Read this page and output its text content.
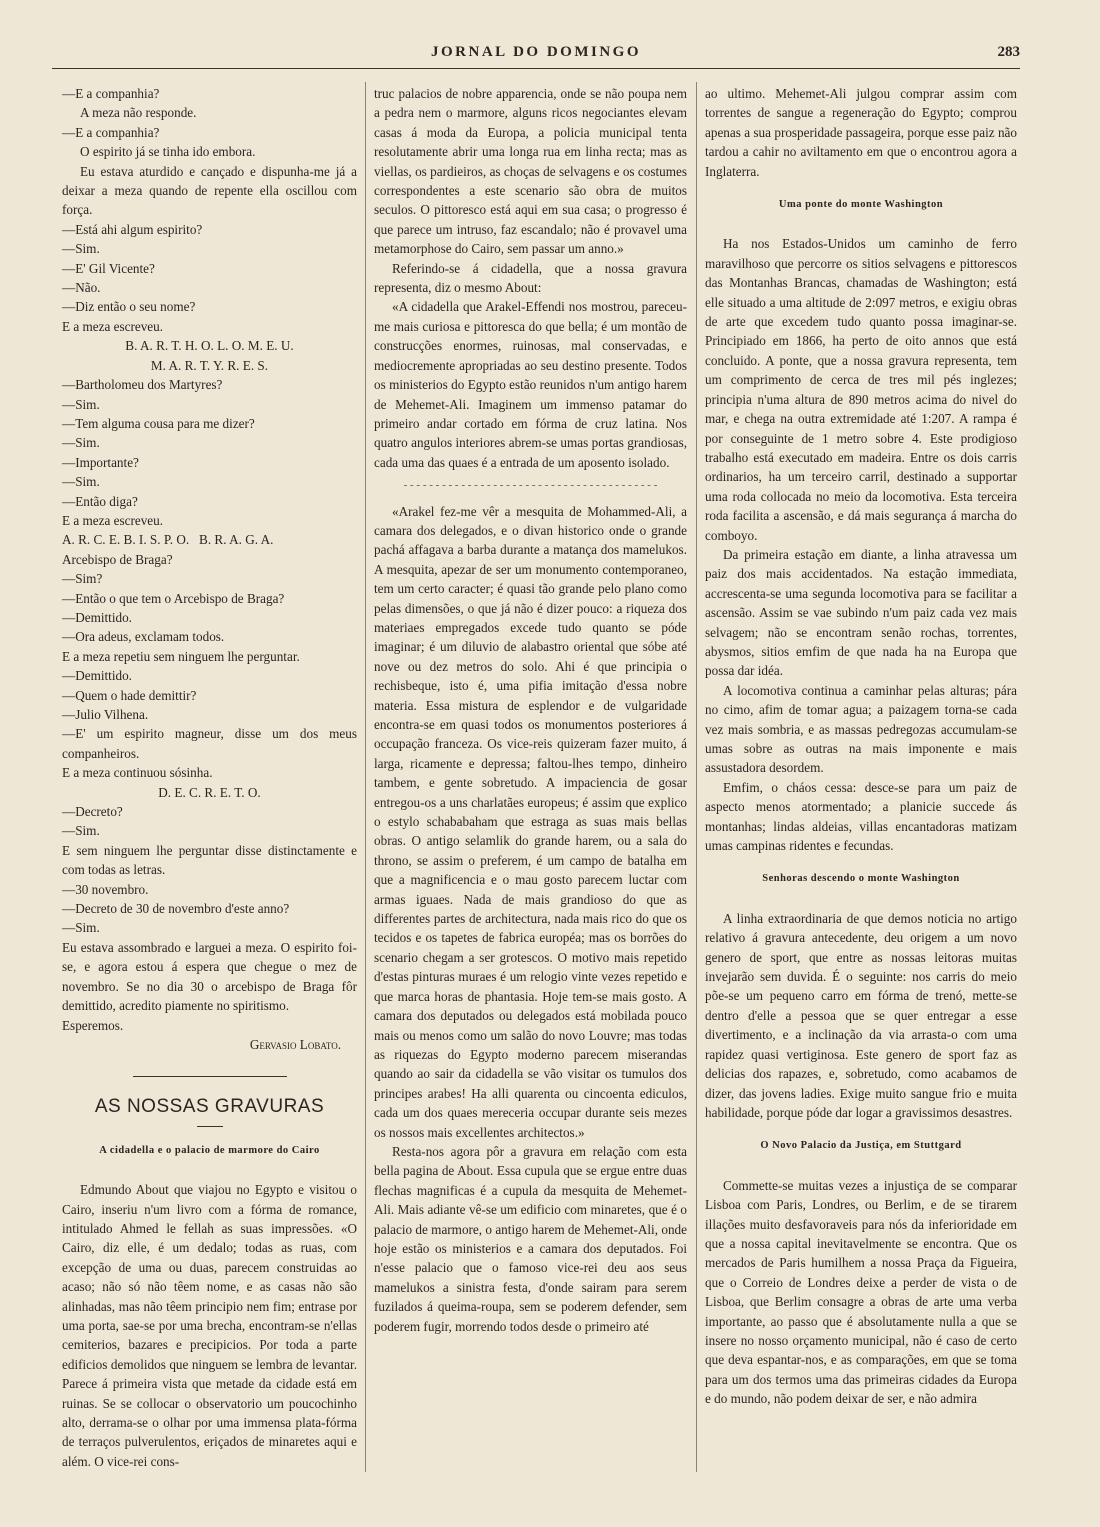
JORNAL DO DOMINGO	283

—E a companhia?

A meza não responde.

—E a companhia?

O espirito já se tinha ido embora.

Eu estava aturdido e cançado e dispunha-me já a deixar a meza quando de repente ella oscillou com força.

—Está ahi algum espirito?

—Sim.

—E' Gil Vicente?

—Não.

—Diz então o seu nome?

E a meza escreveu.

B. A. R. T. H. O. L. O. M. E. U.

M. A. R. T. Y. R. E. S.

—Bartholomeu dos Martyres?

—Sim.

—Tem alguma cousa para me dizer?

—Sim.

—Importante?

—Sim.

—Então diga?

E a meza escreveu.

A. R. C. E. B. I. S. P. O.   B. R. A. G. A.

Arcebispo de Braga?

—Sim?

—Então o que tem o Arcebispo de Braga?

—Demittido.

—Ora adeus, exclamam todos.

E a meza repetiu sem ninguem lhe perguntar.

—Demittido.

—Quem o hade demittir?

—Julio Vilhena.

—E' um espirito magneur, disse um dos meus companheiros.

E a meza continuou sósinha.

D. E. C. R. E. T. O.

—Decreto?

—Sim.

E sem ninguem lhe perguntar disse distinctamente e com todas as letras.

—30 novembro.

—Decreto de 30 de novembro d'este anno?

—Sim.

Eu estava assombrado e larguei a meza. O espirito foi-se, e agora estou á espera que chegue o mez de novembro. Se no dia 30 o arcebispo de Braga fôr demittido, acredito piamente no spiritismo.

Esperemos.

Gervasio Lobato.

AS NOSSAS GRAVURAS
A cidadella e o palacio de marmore do Cairo

Edmundo About que viajou no Egypto e visitou o Cairo, inseriu n'um livro com a fórma de romance, intitulado Ahmed le fellah as suas impressões. «O Cairo, diz elle, é um dedalo; todas as ruas, com excepção de uma ou duas, parecem construidas ao acaso; não só não têem nome, e as casas não são alinhadas, mas não têem principio nem fim; entrase por uma porta, sae-se por uma brecha, encontram-se n'ellas cemiterios, bazares e precipicios. Por toda a parte edificios demolidos que ninguem se lembra de levantar. Parece á primeira vista que metade da cidade está em ruinas. Se se collocar o observatorio um poucochinho alto, derrama-se o olhar por uma immensa plata-fórma de terraços pulverulentos, eriçados de minaretes aqui e além. O vice-rei cons-

truc palacios de nobre apparencia, onde se não poupa nem a pedra nem o marmore, alguns ricos negociantes elevam casas á moda da Europa, a policia municipal tenta resolutamente abrir uma longa rua em linha recta; mas as viellas, os pardieiros, as choças de selvagens e os costumes correspondentes a este scenario são obra de muitos seculos. O pittoresco está aqui em sua casa; o progresso é que parece um intruso, faz escandalo; não é provavel uma metamorphose do Cairo, sem passar um anno.»

Referindo-se á cidadella, que a nossa gravura representa, diz o mesmo About:

«A cidadella que Arakel-Effendi nos mostrou, pareceu-me mais curiosa e pittoresca do que bella; é um montão de construcções enormes, ruinosas, mal conservadas, e mediocremente apropriadas ao seu destino presente. Todos os ministerios do Egypto estão reunidos n'um antigo harem de Mehemet-Ali. Imaginem um immenso patamar do primeiro andar cortado em fórma de cruz latina. Nos quatro angulos interiores abrem-se umas portas grandiosas, cada uma das quaes é a entrada de um aposento isolado.

- - - - - - - - - - - - - - - - - - - - - - - - - - - - - - - - - - - - - - - -

«Arakel fez-me vêr a mesquita de Mohammed-Ali, a camara dos delegados, e o divan historico onde o grande pachá affagava a barba durante a matança dos mamelukos. A mesquita, apezar de ser um monumento contemporaneo, tem um certo caracter; é quasi tão grande pelo plano como pelas dimensões, o que já não é dizer pouco: a riqueza dos materiaes empregados excede tudo quanto se póde imaginar; é um diluvio de alabastro oriental que sóbe até nove ou dez metros do solo. Ahi é que principia o rechisbeque, isto é, uma pifia imitação d'essa nobre materia. Essa mistura de esplendor e de vulgaridade encontra-se em quasi todos os monumentos posteriores á occupação franceza. Os vice-reis quizeram fazer muito, á larga, ricamente e depressa; faltou-lhes tempo, dinheiro tambem, e gente sobretudo. A impaciencia de gosar entregou-os a uns charlatães europeus; é assim que explico o estylo schababaham que estraga as suas mais bellas obras. O antigo selamlik do grande harem, ou a sala do throno, se assim o preferem, é um campo de batalha em que a magnificencia e o mau gosto parecem luctar com armas iguaes. Nada de mais grandioso do que as differentes partes de architectura, nada mais rico do que os tecidos e os tapetes de fabrica européa; mas os borrões do scenario chegam a ser grotescos. O motivo mais repetido d'estas pinturas muraes é um relogio vinte vezes repetido e que marca horas de phantasia. Hoje tem-se mais gosto. A camara dos deputados ou delegados está mobilada pouco mais ou menos como um salão do novo Louvre; mas todas as riquezas do Egypto moderno parecem miserandas quando ao sair da cidadella se vão visitar os tumulos dos principes arabes! Ha alli quarenta ou cincoenta ediculos, cada um dos quaes mereceria occupar durante seis mezes os nossos mais excellentes architectos.»

Resta-nos agora pôr a gravura em relação com esta bella pagina de About. Essa cupula que se ergue entre duas flechas magnificas é a cupula da mesquita de Mehemet-Ali. Mais adiante vê-se um edificio com minaretes, que é o palacio de marmore, o antigo harem de Mehemet-Ali, onde hoje estão os ministerios e a camara dos deputados. Foi n'esse palacio que o famoso vice-rei deu aos seus mamelukos a sinistra festa, d'onde sairam para serem fuzilados á queima-roupa, sem se poderem defender, sem poderem fugir, morrendo todos desde o primeiro até

ao ultimo. Mehemet-Ali julgou comprar assim com torrentes de sangue a regeneração do Egypto; comprou apenas a sua prosperidade passageira, porque esse paiz não tardou a cahir no aviltamento em que o encontrou agora a Inglaterra.

Uma ponte do monte Washington

Ha nos Estados-Unidos um caminho de ferro maravilhoso que percorre os sitios selvagens e pittorescos das Montanhas Brancas, chamadas de Washington; está elle situado a uma altitude de 2:097 metros, e exigiu obras de arte que excedem tudo quanto possa imaginar-se. Principiado em 1866, ha perto de oito annos que está concluido. A ponte, que a nossa gravura representa, tem um comprimento de cerca de tres mil pés inglezes; principia n'uma altura de 890 metros acima do nivel do mar, e chega na outra extremidade até 1:207. A rampa é por conseguinte de 1 metro sobre 4. Este prodigioso trabalho está executado em madeira. Entre os dois carris ordinarios, ha um terceiro carril, destinado a supportar uma roda collocada no meio da locomotiva. Esta terceira roda facilita a ascensão, e dá mais segurança á marcha do comboyo.

Da primeira estação em diante, a linha atravessa um paiz dos mais accidentados. Na estação immediata, accrescenta-se uma segunda locomotiva para se facilitar a ascensão. Assim se vae subindo n'um paiz cada vez mais selvagem; não se encontram senão rochas, torrentes, abysmos, sitios emfim de que nada ha na Europa que possa dar idéa.

A locomotiva continua a caminhar pelas alturas; pára no cimo, afim de tomar agua; a paizagem torna-se cada vez mais sombria, e as massas pedregozas accumulam-se umas sobre as outras na mais imponente e mais assustadora desordem.

Emfim, o cháos cessa: desce-se para um paiz de aspecto menos atormentado; a planicie succede ás montanhas; lindas aldeias, villas encantadoras matizam umas campinas ridentes e fecundas.

Senhoras descendo o monte Washington

A linha extraordinaria de que demos noticia no artigo relativo á gravura antecedente, deu origem a um novo genero de sport, que entre as nossas leitoras muitas invejarão sem duvida. É o seguinte: nos carris do meio põe-se um pequeno carro em fórma de trenó, mette-se dentro d'elle a pessoa que se quer entregar a esse divertimento, e a inclinação da via arrasta-o com uma rapidez quasi vertiginosa. Este genero de sport faz as delicias dos rapazes, e, sobretudo, como acabamos de dizer, das jovens ladies. Exige muito sangue frio e muita habilidade, porque póde dar logar a gravissimos desastres.

O Novo Palacio da Justiça, em Stuttgard

Commette-se muitas vezes a injustiça de se comparar Lisboa com Paris, Londres, ou Berlim, e de se tirarem illações muito desfavoraveis para nós da inferioridade em que a nossa capital inevitavelmente se encontra. Que os mercados de Paris humilhem a nossa Praça da Figueira, que o Correio de Londres deixe a perder de vista o de Lisboa, que Berlim consagre a obras de arte uma verba importante, ao passo que é absolutamente nulla a que se insere no nosso orçamento municipal, não é caso de certo que deva espantar-nos, e as comparações, em que se toma para um dos termos uma das primeiras cidades da Europa e do mundo, não podem deixar de ser, e não admira
